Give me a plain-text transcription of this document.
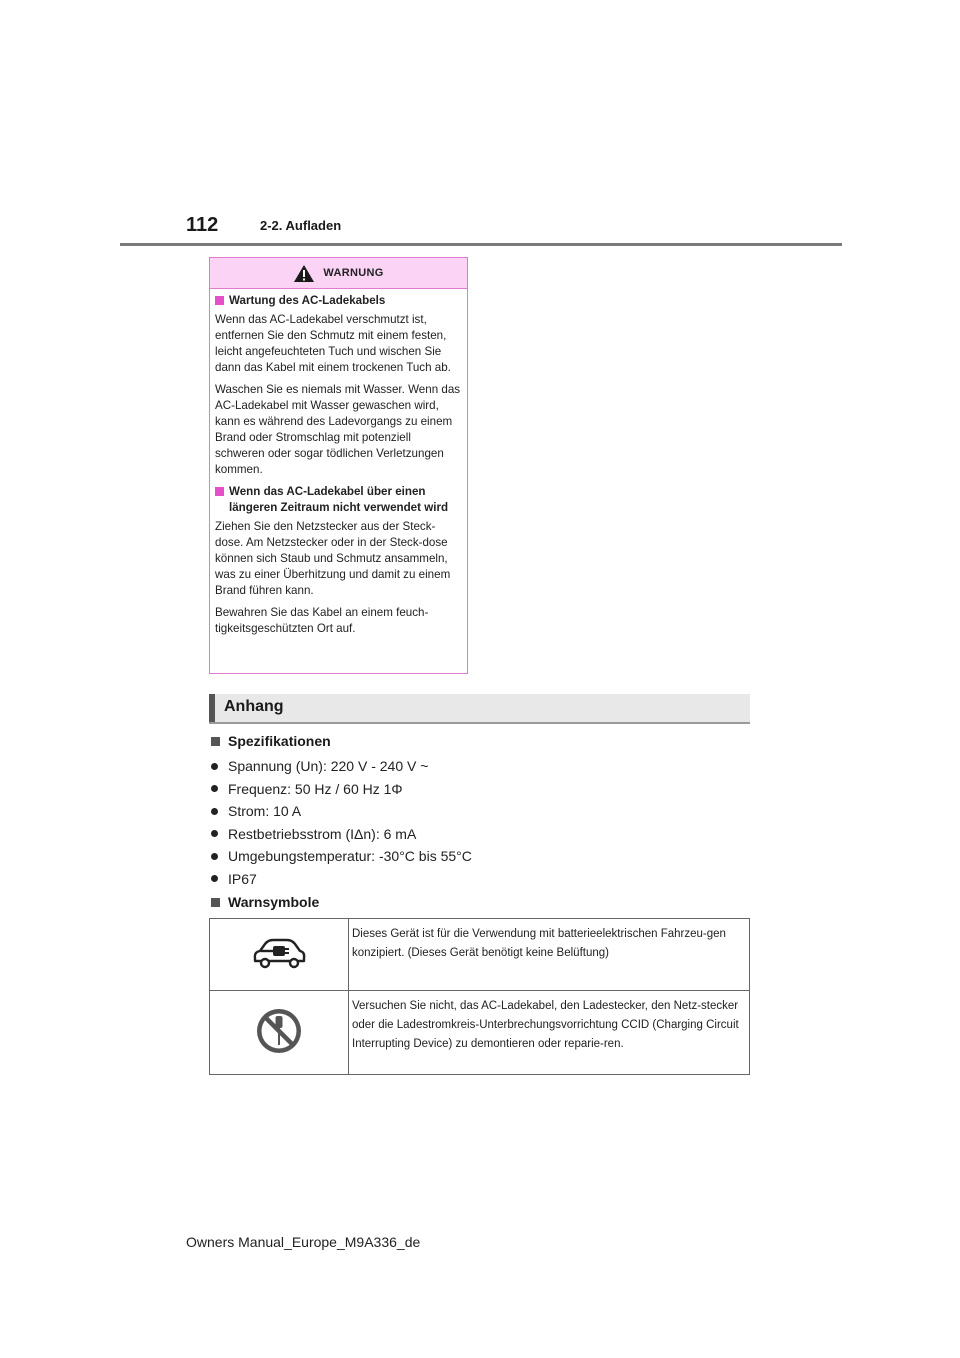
112	2-2. Aufladen
WARNUNG
Wartung des AC-Ladekabels

Wenn das AC-Ladekabel verschmutzt ist, entfernen Sie den Schmutz mit einem festen, leicht angefeuchteten Tuch und wischen Sie dann das Kabel mit einem trockenen Tuch ab.

Waschen Sie es niemals mit Wasser. Wenn das AC-Ladekabel mit Wasser gewaschen wird, kann es während des Ladevorgangs zu einem Brand oder Stromschlag mit potenziell schweren oder sogar tödlichen Verletzungen kommen.

Wenn das AC-Ladekabel über einen längeren Zeitraum nicht verwendet wird

Ziehen Sie den Netzstecker aus der Steck-dose. Am Netzstecker oder in der Steck-dose können sich Staub und Schmutz ansammeln, was zu einer Überhitzung und damit zu einem Brand führen kann.

Bewahren Sie das Kabel an einem feuch-tigkeitsgeschützten Ort auf.

Anhang
Spezifikationen
Spannung (Un): 220 V - 240 V ~
Frequenz: 50 Hz / 60 Hz 1Φ
Strom: 10 A
Restbetriebsstrom (IΔn): 6 mA
Umgebungstemperatur: -30°C bis 55°C
IP67
Warnsymbole
	Dieses Gerät ist für die Verwendung mit batterieelektrischen Fahrzeu-gen konzipiert. (Dieses Gerät benötigt keine Belüftung)
	Versuchen Sie nicht, das AC-Ladekabel, den Ladestecker, den Netz-stecker oder die Ladestromkreis-Unterbrechungsvorrichtung CCID (Charging Circuit Interrupting Device) zu demontieren oder reparie-ren.
Owners Manual_Europe_M9A336_de
